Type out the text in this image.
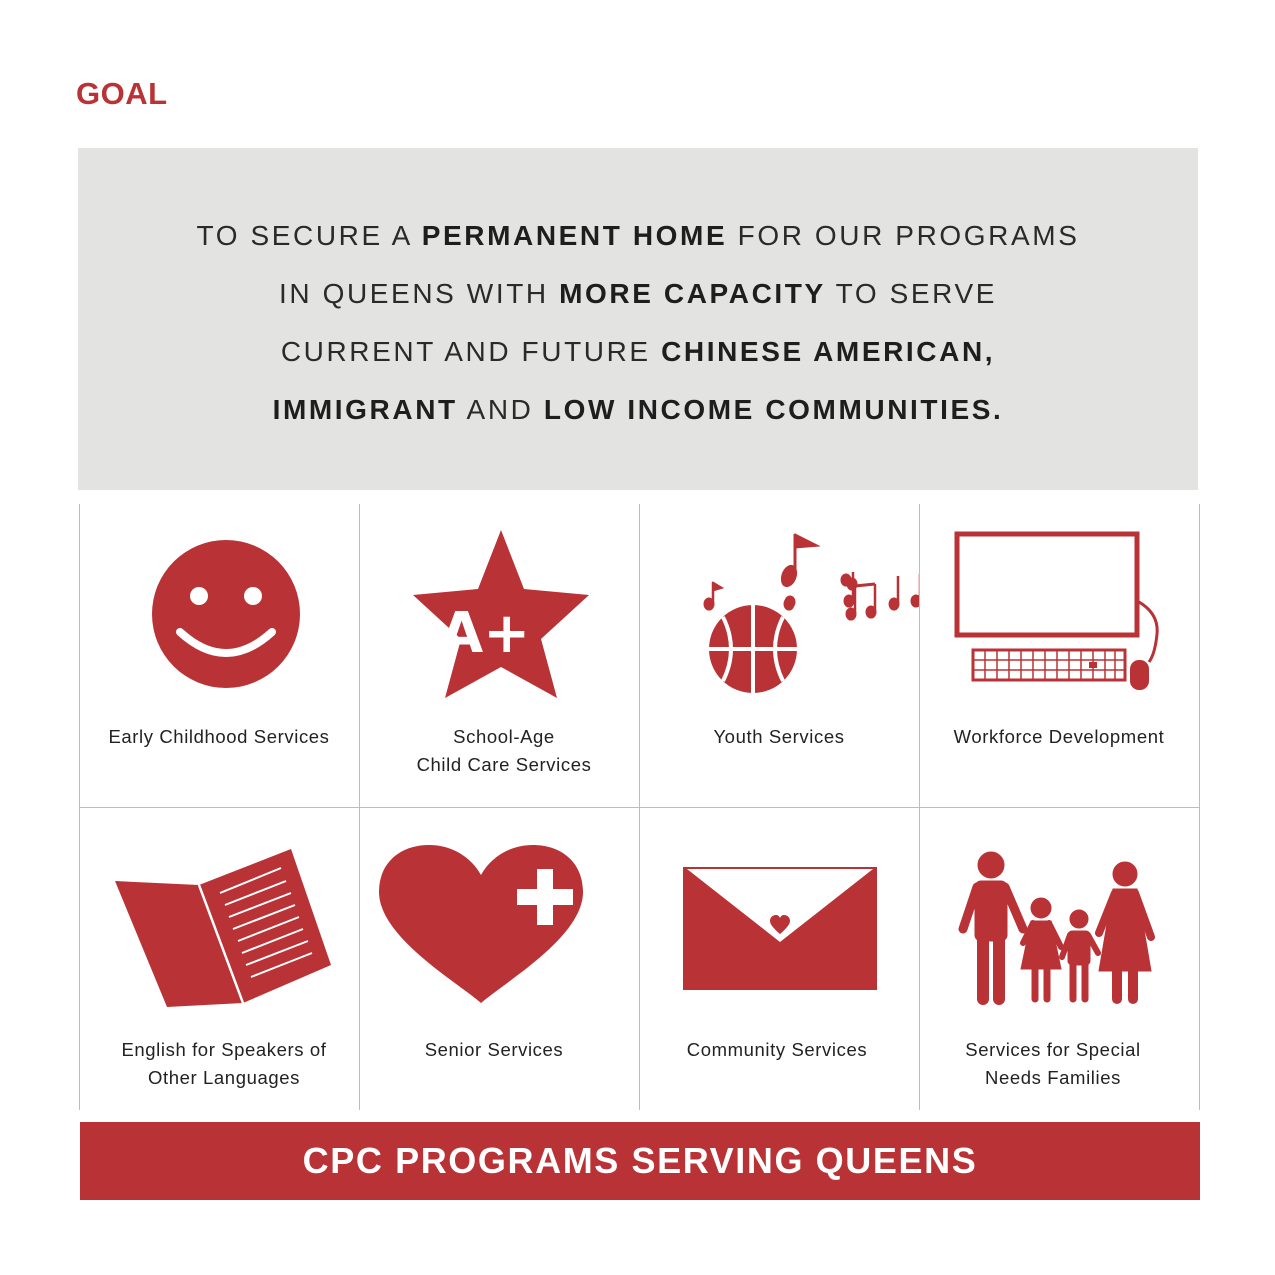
GOAL
TO SECURE A PERMANENT HOME FOR OUR PROGRAMS
IN QUEENS WITH MORE CAPACITY TO SERVE
CURRENT AND FUTURE CHINESE AMERICAN,
IMMIGRANT AND LOW INCOME COMMUNITIES.
Early Childhood Services
A+
School-Age
Child Care Services
Youth Services	Workforce Development
English for Speakers of
Other Languages
Senior Services	Community Services	Services for Special
Needs Families
CPC PROGRAMS SERVING QUEENS
